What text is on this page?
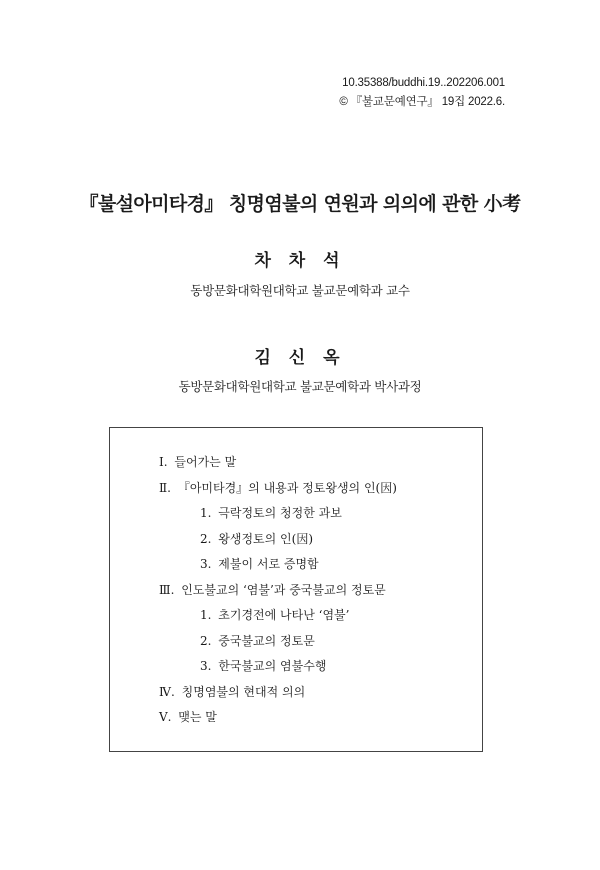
10.35388/buddhi.19..202206.001
© 『불교문예연구』 19집 2022.6.
『불설아미타경』 칭명염불의 연원과 의의에 관한 小考
차 차 석
동방문화대학원대학교 불교문예학과 교수
김 신 옥
동방문화대학원대학교 불교문예학과 박사과정
Ⅰ. 들어가는 말
Ⅱ. 『아미타경』의 내용과 정토왕생의 인(因)
1. 극락정토의 청정한 과보
2. 왕생정토의 인(因)
3. 제불이 서로 증명함
Ⅲ. 인도불교의 ‘염불’과 중국불교의 정토문
1. 초기경전에 나타난 ‘염불’
2. 중국불교의 정토문
3. 한국불교의 염불수행
Ⅳ. 칭명염불의 현대적 의의
Ⅴ. 맺는 말
